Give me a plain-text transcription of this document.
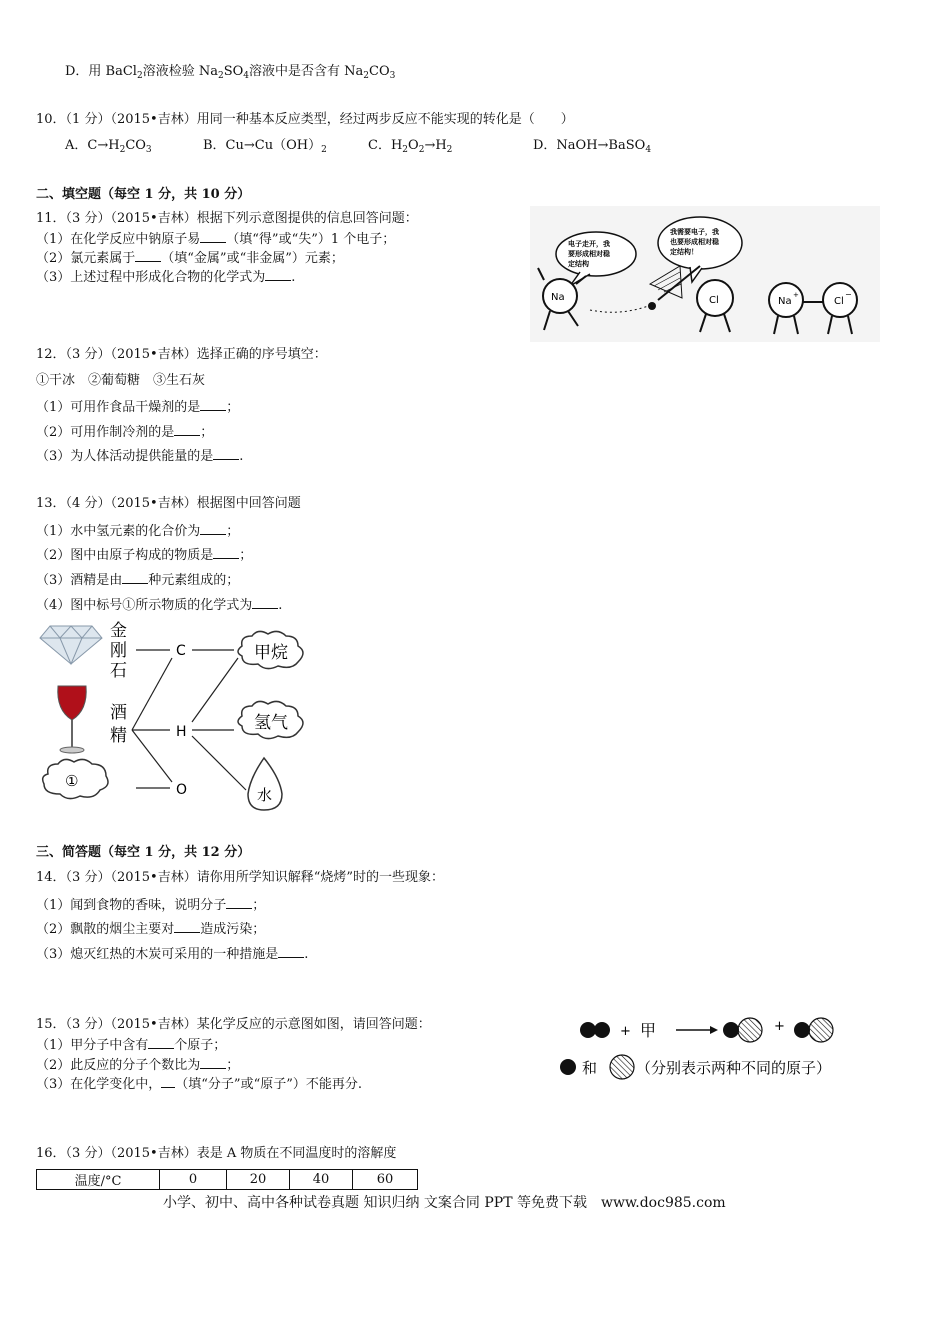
D．用 BaCl$_2$溶液检验 $Na_2SO_4$溶液中是否含有 $Na_2CO_3$
10．（1 分）（2015•吉林）用同一种基本反应类型，经过两步反应不能实现的转化是（　　）
A．$C\to H_2CO_3$	B．$Cu\to Cu(OH)_2$	C．$H_2O_2\to H_2$	D．NaOH→BaSO$_4$
二、填空题（每空 1 分，共 10 分）
11．（3 分）（2015•吉林）根据下列示意图提供的信息回答问题：
（1）在化学反应中钠原子易 （填“得”或“失”）1 个电子；
（2）氯元素属于 （填“金属”或“非金属”）元素；
（3）上述过程中形成化合物的化学式为 .
电子走开，我
要形成相对稳
定结构
我需要电子，我
也要形成相对稳
定结构！
Na	Cl	Na
+
Cl
−
12．（3 分）（2015•吉林）选择正确的序号填空：
①干冰　②葡萄糖　③生石灰
（1）可用作食品干燥剂的是 ；
（2）可用作制冷剂的是 ；
（3）为人体活动提供能量的是 .
13．（4 分）（2015•吉林）根据图中回答问题
（1）水中氢元素的化合价为 ；
（2）图中由原子构成的物质是 ；
（3）酒精是由 种元素组成的；
（4）图中标号①所示物质的化学式为 .
金
刚
石
酒
精
①
C
H
O
甲烷
氢气
水
三、简答题（每空 1 分，共 12 分）
14．（3 分）（2015•吉林）请你用所学知识解释“烧烤”时的一些现象：
（1）闻到食物的香味，说明分子 ；
（2）飘散的烟尘主要对 造成污染；
（3）熄灭红热的木炭可采用的一种措施是 .
15．（3 分）（2015•吉林）某化学反应的示意图如图，请回答问题：
（1）甲分子中含有 个原子；
（2）此反应的分子个数比为 ；
（3）在化学变化中， （填“分子”或“原子”）不能再分.
+ 甲	+
和	（分别表示两种不同的原子）
16．（3 分）（2015•吉林）表是 A 物质在不同温度时的溶解度
温度/°C	0	20	40	60
小学、初中、高中各种试卷真题 知识归纳 文案合同 PPT 等免费下载　www.doc985.com
